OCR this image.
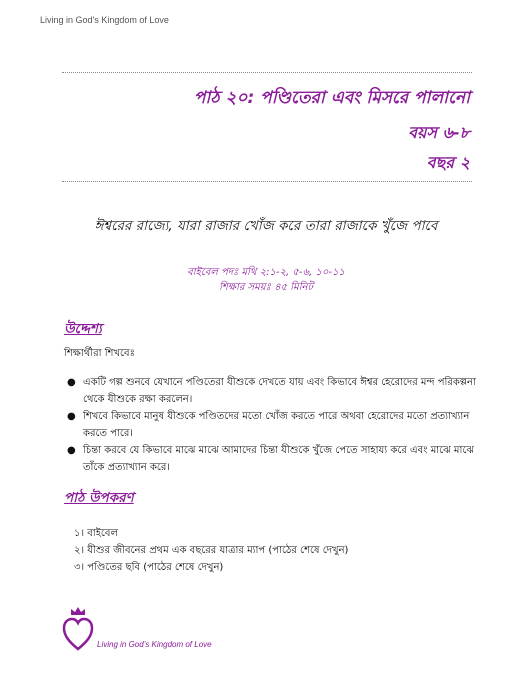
Living in God’s Kingdom of Love
পাঠ ২০: পণ্ডিতেরা এবং মিসরে পালানো
বয়স ৬-৮
বছর ২
ঈশ্বরের রাজ্যে, যারা রাজার খোঁজ করে তারা রাজাকে খুঁজে পাবে
বাইবেল পদঃ মথি ২:১-২, ৫-৬, ১০-১১
শিক্ষার সময়ঃ ৪৫ মিনিট
উদ্দেশ্য
শিক্ষার্থীরা শিখবেঃ
● একটি গল্প শুনবে যেখানে পণ্ডিতেরা যীশুকে দেখতে যায় এবং কিভাবে ঈশ্বর হেরোদের মন্দ পরিকল্পনা থেকে যীশুকে রক্ষা করলেন।
● শিখবে কিভাবে মানুষ যীশুকে পণ্ডিতদের মতো খোঁজ করতে পারে অথবা হেরোদের মতো প্রত্যাখ্যান করতে পারে।
● চিন্তা করবে যে কিভাবে মাঝে মাঝে আমাদের চিন্তা যীশুকে খুঁজে পেতে সাহায্য করে এবং মাঝে মাঝে তাঁকে প্রত্যাখ্যান করে।
পাঠ উপকরণ
১। বাইবেল
২। যীশুর জীবনের প্রথম এক বছরের যাত্রার ম্যাপ (পাঠের শেষে দেখুন)
৩। পণ্ডিতের ছবি (পাঠের শেষে দেখুন)
Living in God’s Kingdom of Love
